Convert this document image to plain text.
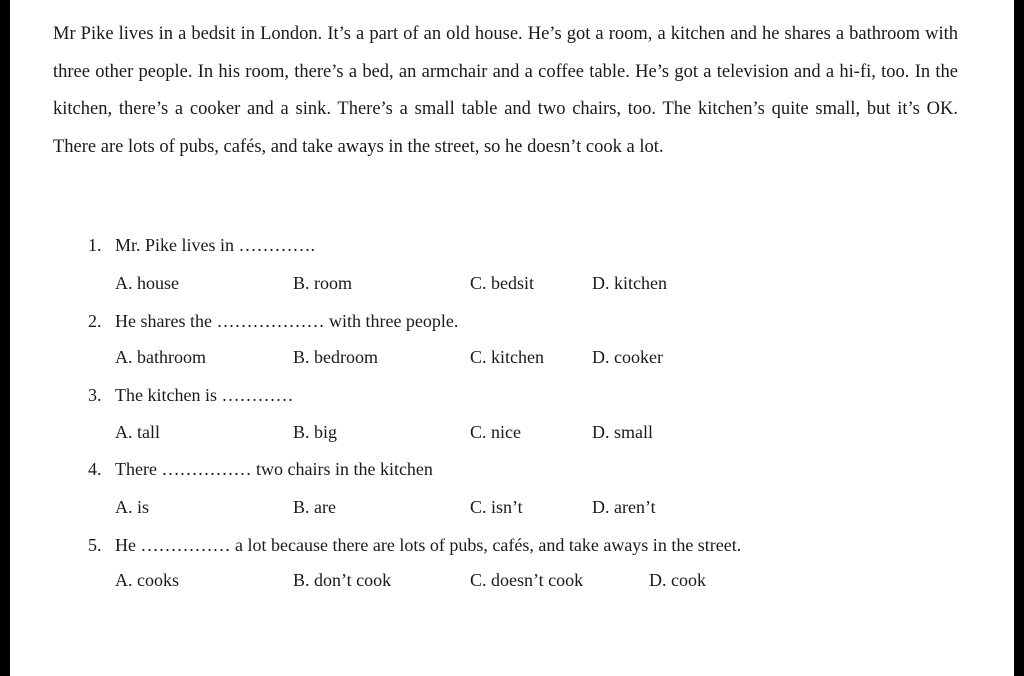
Mr Pike lives in a bedsit in London. It’s a part of an old house. He’s got a room, a kitchen and he shares a bathroom with three other people. In his room, there’s a bed, an armchair and a coffee table. He’s got a television and a hi-fi, too. In the kitchen, there’s a cooker and a sink. There’s a small table and two chairs, too. The kitchen’s quite small, but it’s OK. There are lots of pubs, cafés, and take aways in the street, so he doesn’t cook a lot.

1. Mr. Pike lives in ………….
A. house	B. room	C. bedsit	D. kitchen
2. He shares the ……………… with three people.
A. bathroom	B. bedroom	C. kitchen	D. cooker
3. The kitchen is …………
A. tall	B. big	C. nice	D. small
4. There …………… two chairs in the kitchen
A. is	B. are	C. isn’t	D. aren’t
5. He …………… a lot because there are lots of pubs, cafés, and take aways in the street.
A. cooks	B. don’t cook	C. doesn’t cook	D. cook
